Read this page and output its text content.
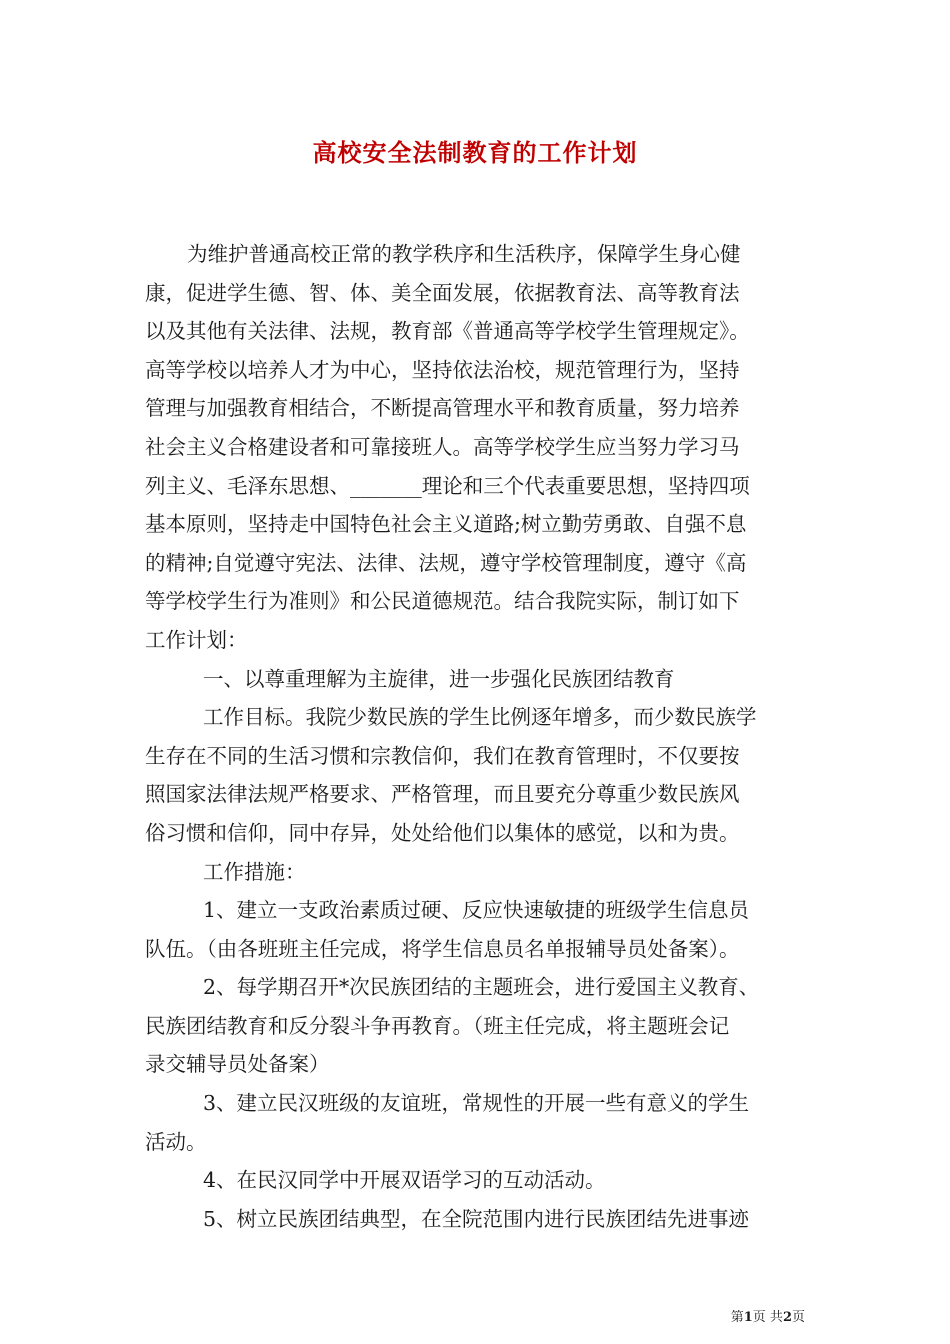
高校安全法制教育的工作计划
为维护普通高校正常的教学秩序和生活秩序，保障学生身心健
康，促进学生德、智、体、美全面发展，依据教育法、高等教育法
以及其他有关法律、法规，教育部《普通高等学校学生管理规定》。
高等学校以培养人才为中心，坚持依法治校，规范管理行为，坚持
管理与加强教育相结合，不断提高管理水平和教育质量，努力培养
社会主义合格建设者和可靠接班人。高等学校学生应当努力学习马
列主义、毛泽东思想、_______理论和三个代表重要思想，坚持四项
基本原则，坚持走中国特色社会主义道路;树立勤劳勇敢、自强不息
的精神;自觉遵守宪法、法律、法规，遵守学校管理制度，遵守《高
等学校学生行为准则》和公民道德规范。结合我院实际，制订如下
工作计划：
一、以尊重理解为主旋律，进一步强化民族团结教育
工作目标。我院少数民族的学生比例逐年增多，而少数民族学
生存在不同的生活习惯和宗教信仰，我们在教育管理时，不仅要按
照国家法律法规严格要求、严格管理，而且要充分尊重少数民族风
俗习惯和信仰，同中存异，处处给他们以集体的感觉，以和为贵。
工作措施：
1、建立一支政治素质过硬、反应快速敏捷的班级学生信息员
队伍。（由各班班主任完成，将学生信息员名单报辅导员处备案）。
2、每学期召开*次民族团结的主题班会，进行爱国主义教育、
民族团结教育和反分裂斗争再教育。（班主任完成，将主题班会记
录交辅导员处备案）
3、建立民汉班级的友谊班，常规性的开展一些有意义的学生
活动。
4、在民汉同学中开展双语学习的互动活动。
5、树立民族团结典型，在全院范围内进行民族团结先进事迹
第1页 共2页
